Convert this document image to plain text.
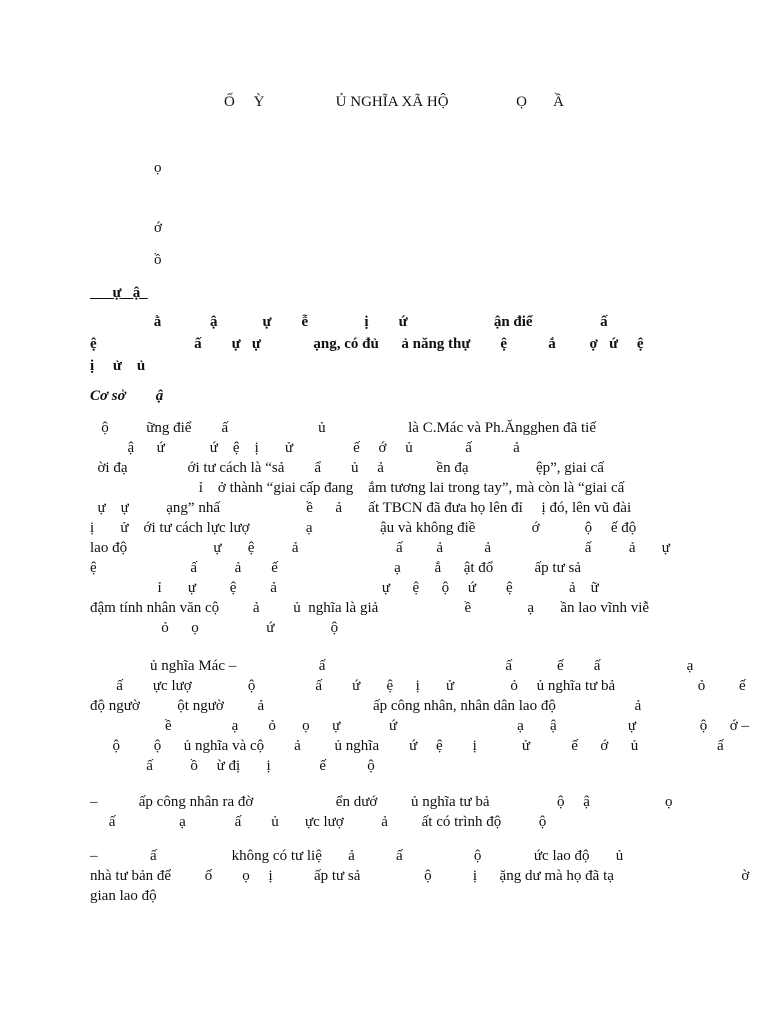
Ố     Ỳ                   Ủ NGHĨA XÃ HỘ                  Ọ       Ầ
ọ
ớ
ồ
ự   ậ
ằ             ậ            ự        ễ               ị        ứ                       ận điể                  ấ
ệ                          ấ        ự   ự              ạng, có đủ      ả năng thự        ệ           ắ         ợ   ứ     ệ
ị     ử    ủ
Cơ sở        ậ
ộ          ững điể        ấ                        ủ                      là C.Mác và Ph.Ăngghen đã tiế
ậ      ứ            ứ    ệ    ị       ử                ế     ớ     ủ              ấ           ả
ời đạ                ới tư cách là “sả        ẩ        ủ     ả              ền đạ                  ệp”, giai cấ
ỉ    ở thành “giai cấp đang    ắm tương lai trong tay”, mà còn là “giai cấ
ự    ự          ạng” nhấ                       ề      ả       ất TBCN đã đưa họ lên đỉ     ị đó, lên vũ đài
ị       ử    ới tư cách lực lượ               ạ                  ậu và không điề               ớ            ộ     ế độ
lao độ                       ự       ệ          ả                          ấ         ả           ả                         ấ          ả       ự
ệ                         ấ          ả        ế                               ạ         ắ      ật đổ           ấp tư sả
ỉ       ự         ệ         ả                            ự      ệ      ộ     ứ        ệ               ả    ữ
đậm tính nhân văn cộ         ả         ủ  nghĩa là giả                       ề               ạ       ần lao vĩnh viễ
ỏ      ọ                  ứ               ộ
ủ nghĩa Mác –                      ấ                                                ấ            ế        ấ                       ạ
ấ        ực lượ               ộ                ấ        ứ       ệ      ị       ử               ỏ     ủ nghĩa tư bả                      ỏ         ế
độ ngườ          ột ngườ         ả                             ấp công nhân, nhân dân lao độ                     ả
ề                ạ        ỏ       ọ      ự             ứ                                ạ       ậ                   ự                 ộ      ớ –
ộ         ộ      ủ nghĩa và cộ        ả         ủ nghĩa        ứ     ệ        ị            ử           ế      ớ      ủ                     ấ
ấ          ồ     ừ đị       ị             ế           ộ
–           ấp công nhân ra đờ                      ển dướ         ủ nghĩa tư bả                  ộ     ậ                    ọ
ấ                 ạ             ấ        ủ       ực lượ          ả         ất có trình độ          ộ
–              ấ                    không có tư liệ       ả           ấ                   ộ              ức lao độ       ủ
nhà tư bản để         ố        ọ     ị           ấp tư sả                 ộ           ị      ặng dư mà họ đã tạ                                  ờ
gian lao độ
